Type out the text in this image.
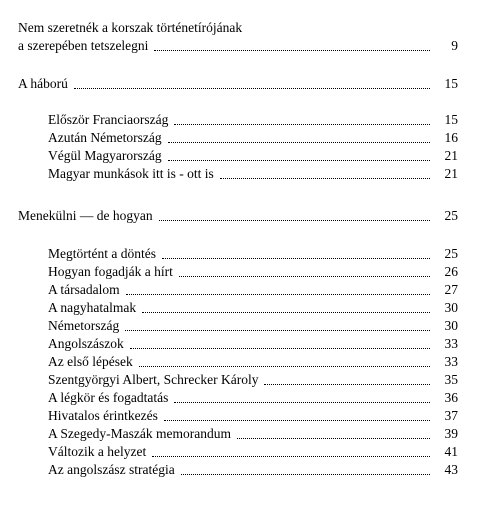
Nem szeretnék a korszak történetírójának
a szerepében tetszelegni	9
A háború	15
Először Franciaország	15
Azután Németország	16
Végül Magyarország	21
Magyar munkások itt is - ott is	21
Menekülni — de hogyan	25
Megtörtént a döntés	25
Hogyan fogadják a hírt	26
A társadalom	27
A nagyhatalmak	30
Németország	30
Angolszászok	33
Az első lépések	33
Szentgyörgyi Albert, Schrecker Károly	35
A légkör és fogadtatás	36
Hivatalos érintkezés	37
A Szegedy-Maszák memorandum	39
Változik a helyzet	41
Az angolszász stratégia	43
